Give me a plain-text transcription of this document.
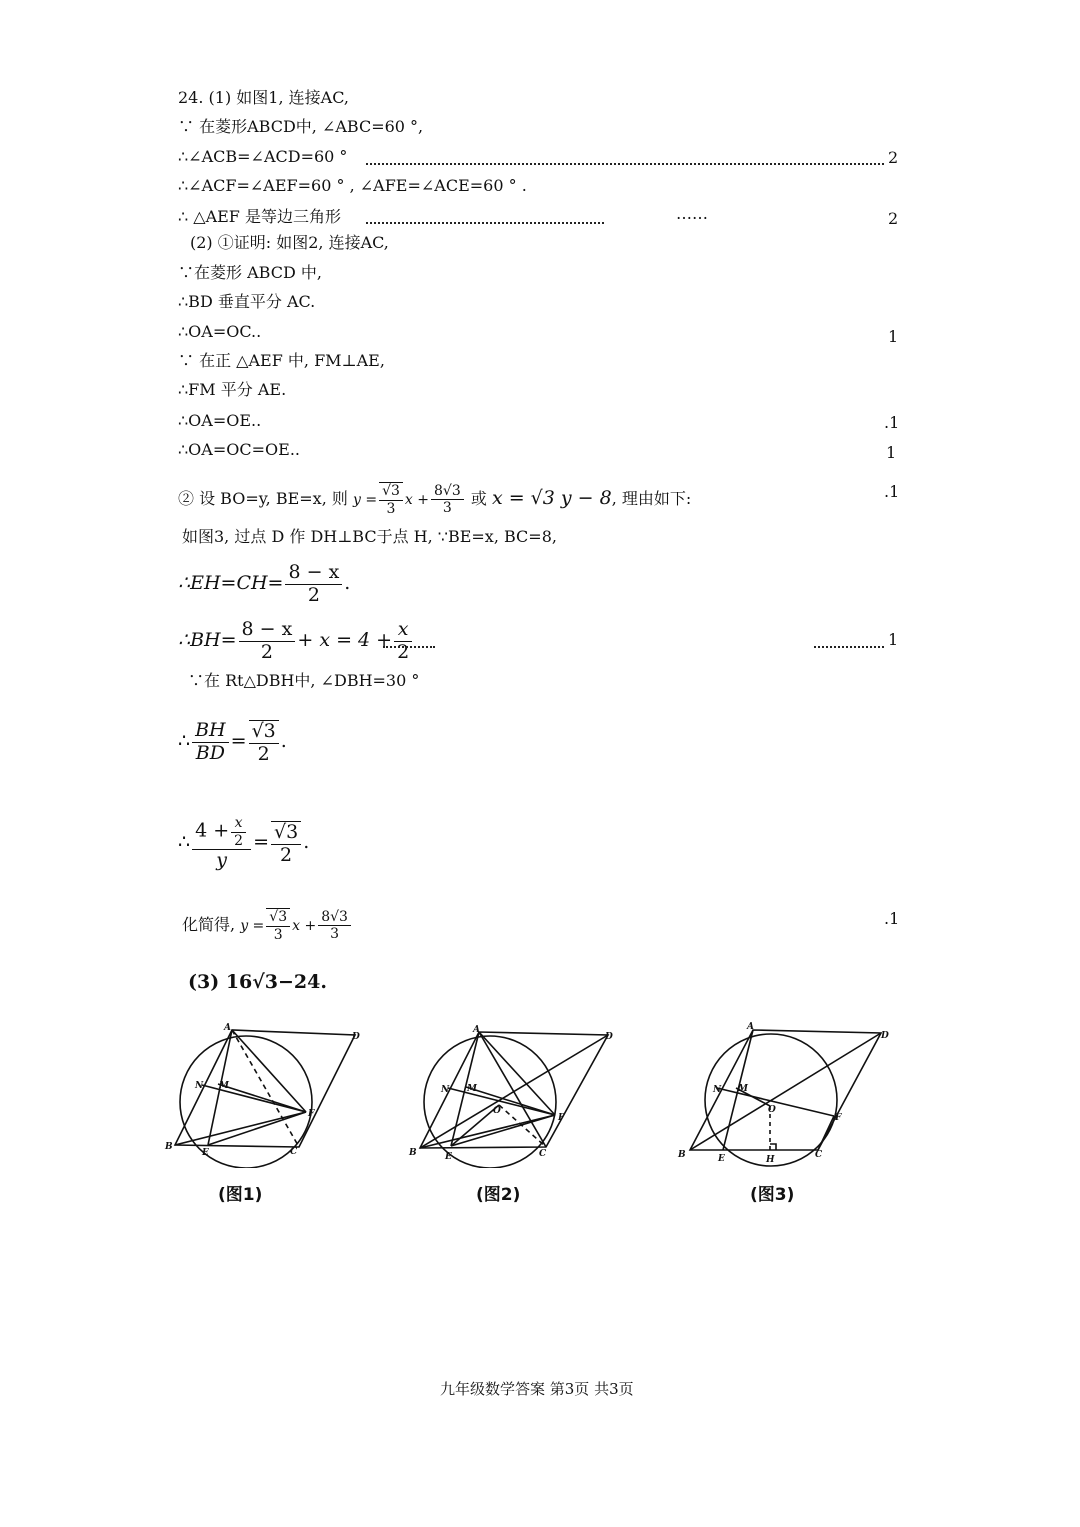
24. (1) 如图1, 连接AC,
∵ 在菱形ABCD中, ∠ABC=60 °,
∴∠ACB=∠ACD=60 °	2
∴∠ACF=∠AEF=60 ° , ∠AFE=∠ACE=60 ° .
∴ △AEF 是等边三角形	……	2
(2) ①证明: 如图2, 连接AC,
∵在菱形 ABCD 中,
∴BD 垂直平分 AC.
∴OA=OC..	1
∵ 在正 △AEF 中, FM⊥AE,
∴FM 平分 AE.
∴OA=OE..	.1
∴OA=OC=OE..	1
② 设 BO=y, BE=x, 则 $y = \frac{√3}{3}$ $x + \frac{8√3}{3}$ 或 x = √3 y − 8, 理由如下:	.1
如图3, 过点 D 作 DH⊥BC于点 H, ∵BE=x, BC=8,
∴EH=CH= $\frac{8 - x}{2}$ .
∴BH= $\frac{8 - x}{2} + x = 4 + \frac{x}{2}$	1
∵在 Rt△DBH中, ∠DBH=30 °
∴ $\frac{BH}{BD} = \frac{√3}{2}$ .
∴ $\frac{4 + \frac{x}{2}}{y} = \frac{√3}{2}$ .
化简得, $y = \frac{√3}{3}$ $x + \frac{8√3}{3}$	.1
(3) 16√3−24.
A
B	C
D
E
F
N M
A
B	C
D
E
F
N M
O
A
B	C
D
E
F
N M
O
H
(图1)	(图2)	(图3)
九年级数学答案 第3页 共3页
